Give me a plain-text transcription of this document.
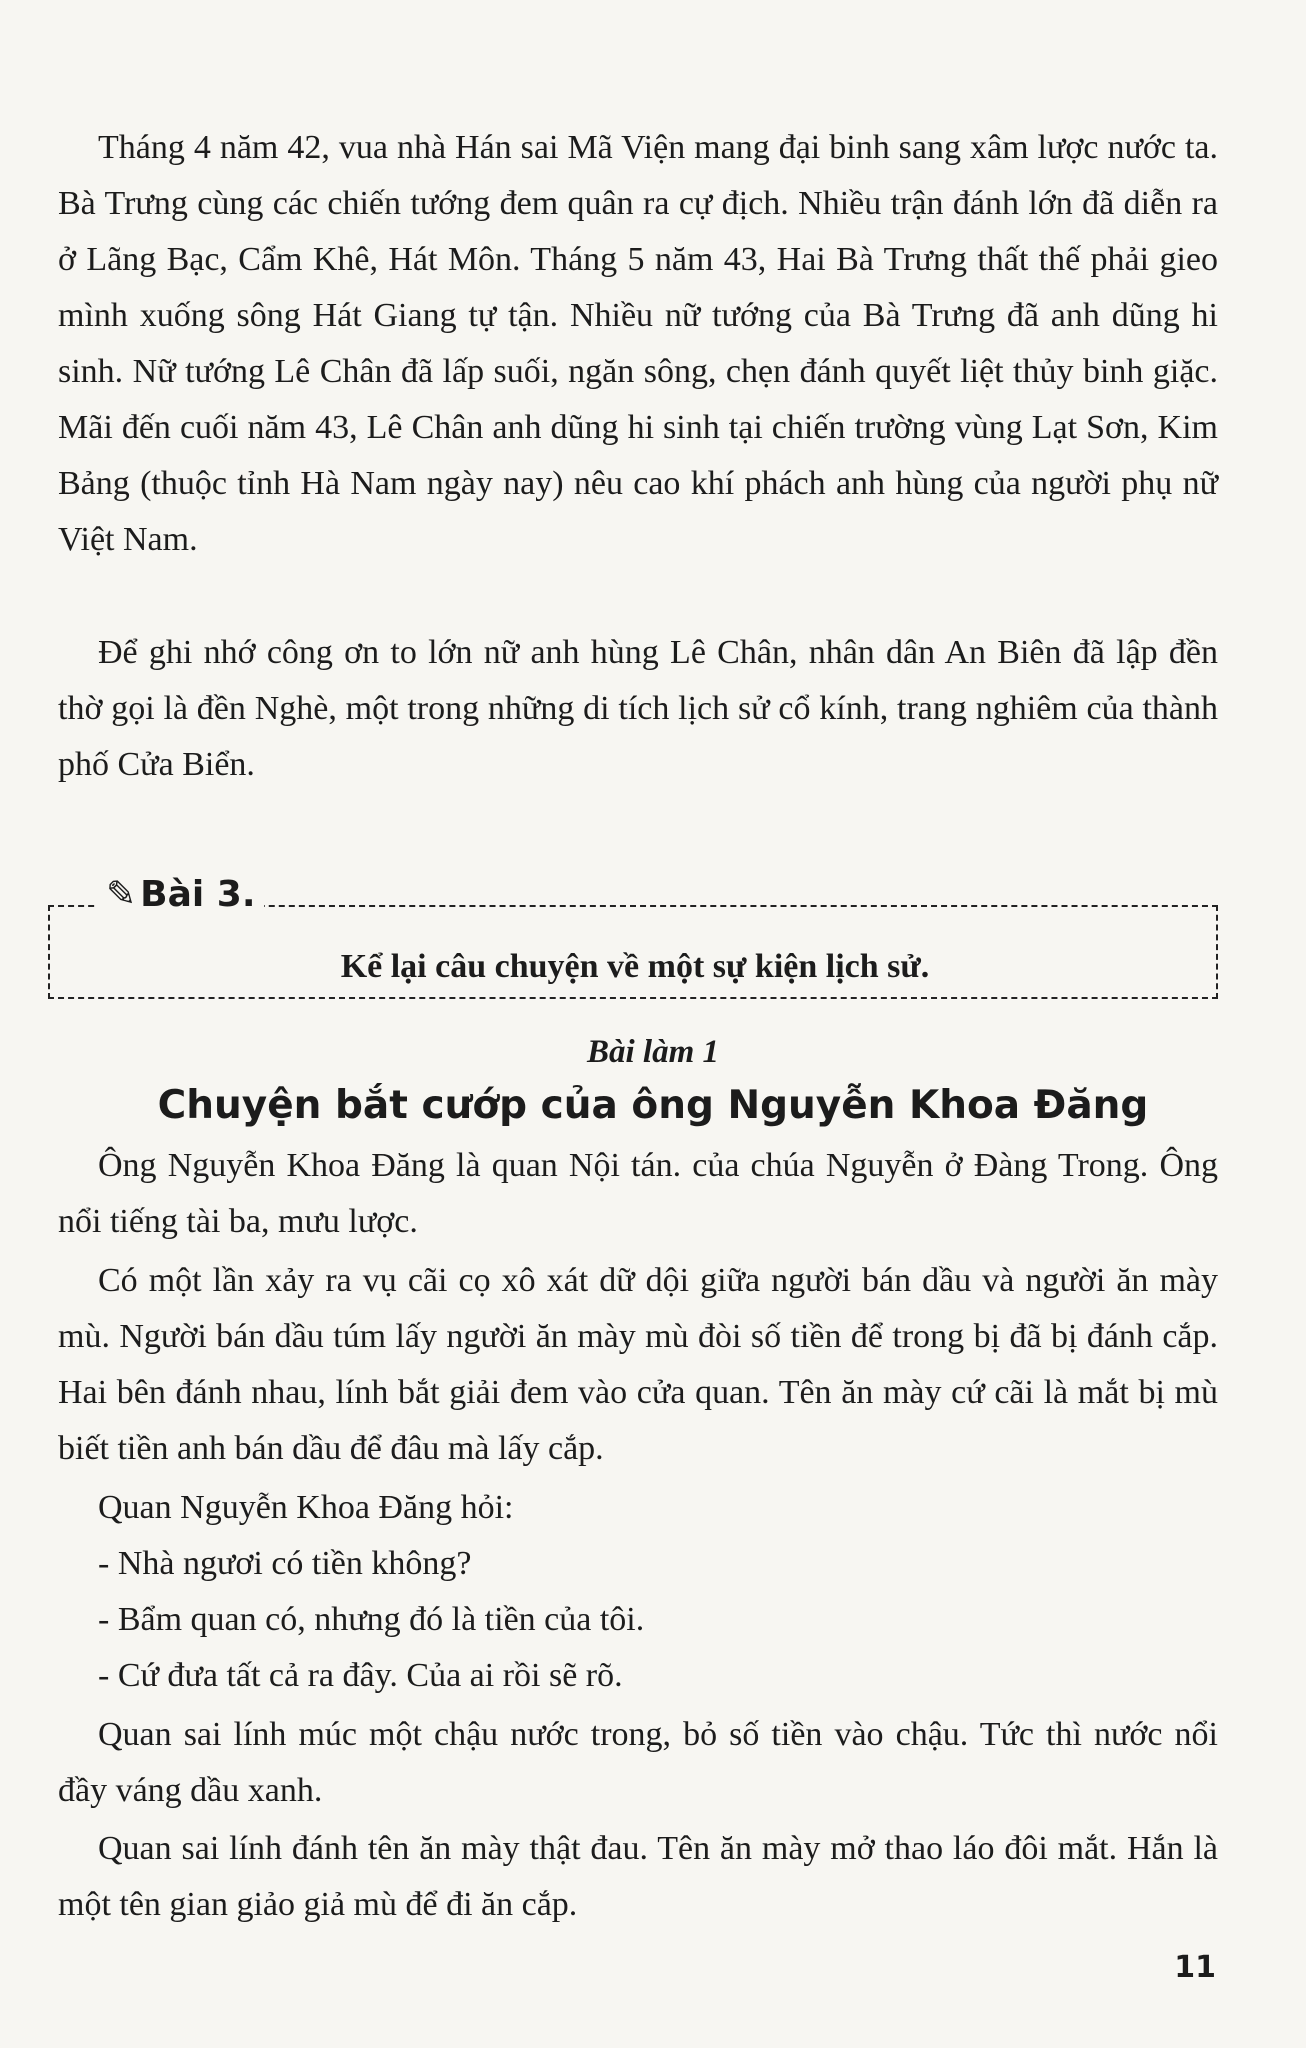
Tháng 4 năm 42, vua nhà Hán sai Mã Viện mang đại binh sang xâm lược nước ta. Bà Trưng cùng các chiến tướng đem quân ra cự địch. Nhiều trận đánh lớn đã diễn ra ở Lãng Bạc, Cẩm Khê, Hát Môn. Tháng 5 năm 43, Hai Bà Trưng thất thế phải gieo mình xuống sông Hát Giang tự tận. Nhiều nữ tướng của Bà Trưng đã anh dũng hi sinh. Nữ tướng Lê Chân đã lấp suối, ngăn sông, chẹn đánh quyết liệt thủy binh giặc. Mãi đến cuối năm 43, Lê Chân anh dũng hi sinh tại chiến trường vùng Lạt Sơn, Kim Bảng (thuộc tỉnh Hà Nam ngày nay) nêu cao khí phách anh hùng của người phụ nữ Việt Nam.

Để ghi nhớ công ơn to lớn nữ anh hùng Lê Chân, nhân dân An Biên đã lập đền thờ gọi là đền Nghè, một trong những di tích lịch sử cổ kính, trang nghiêm của thành phố Cửa Biển.

✎ Bài 3.
Kể lại câu chuyện về một sự kiện lịch sử.
Bài làm 1
Chuyện bắt cướp của ông Nguyễn Khoa Đăng

Ông Nguyễn Khoa Đăng là quan Nội tán. của chúa Nguyễn ở Đàng Trong. Ông nổi tiếng tài ba, mưu lược.

Có một lần xảy ra vụ cãi cọ xô xát dữ dội giữa người bán dầu và người ăn mày mù. Người bán dầu túm lấy người ăn mày mù đòi số tiền để trong bị đã bị đánh cắp. Hai bên đánh nhau, lính bắt giải đem vào cửa quan. Tên ăn mày cứ cãi là mắt bị mù biết tiền anh bán dầu để đâu mà lấy cắp.

Quan Nguyễn Khoa Đăng hỏi:

- Nhà ngươi có tiền không?
- Bẩm quan có, nhưng đó là tiền của tôi.
- Cứ đưa tất cả ra đây. Của ai rồi sẽ rõ.

Quan sai lính múc một chậu nước trong, bỏ số tiền vào chậu. Tức thì nước nổi đầy váng dầu xanh.

Quan sai lính đánh tên ăn mày thật đau. Tên ăn mày mở thao láo đôi mắt. Hắn là một tên gian giảo giả mù để đi ăn cắp.

11
